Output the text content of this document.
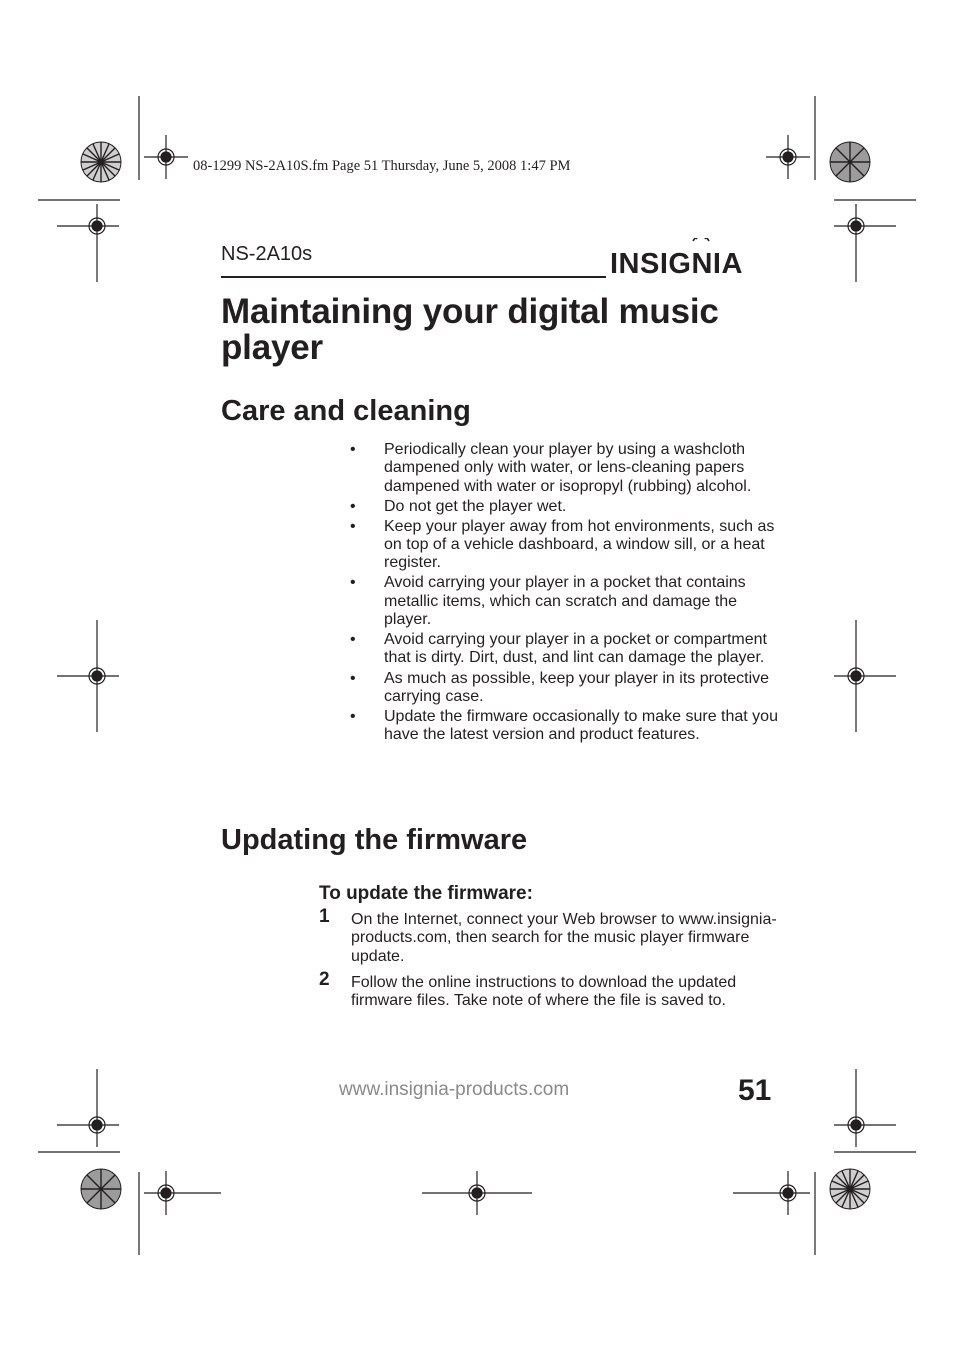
08-1299 NS-2A10S.fm Page 51 Thursday, June 5, 2008 1:47 PM
NS-2A10s	INSIGNIA
Maintaining your digital music player
Care and cleaning
• Periodically clean your player by using a washcloth dampened only with water, or lens-cleaning papers dampened with water or isopropyl (rubbing) alcohol.
• Do not get the player wet.
• Keep your player away from hot environments, such as on top of a vehicle dashboard, a window sill, or a heat register.
• Avoid carrying your player in a pocket that contains metallic items, which can scratch and damage the player.
• Avoid carrying your player in a pocket or compartment that is dirty. Dirt, dust, and lint can damage the player.
• As much as possible, keep your player in its protective carrying case.
• Update the firmware occasionally to make sure that you have the latest version and product features.
Updating the firmware
To update the firmware:
1 On the Internet, connect your Web browser to www.insignia-products.com, then search for the music player firmware update.
2 Follow the online instructions to download the updated firmware files. Take note of where the file is saved to.
www.insignia-products.com	51
